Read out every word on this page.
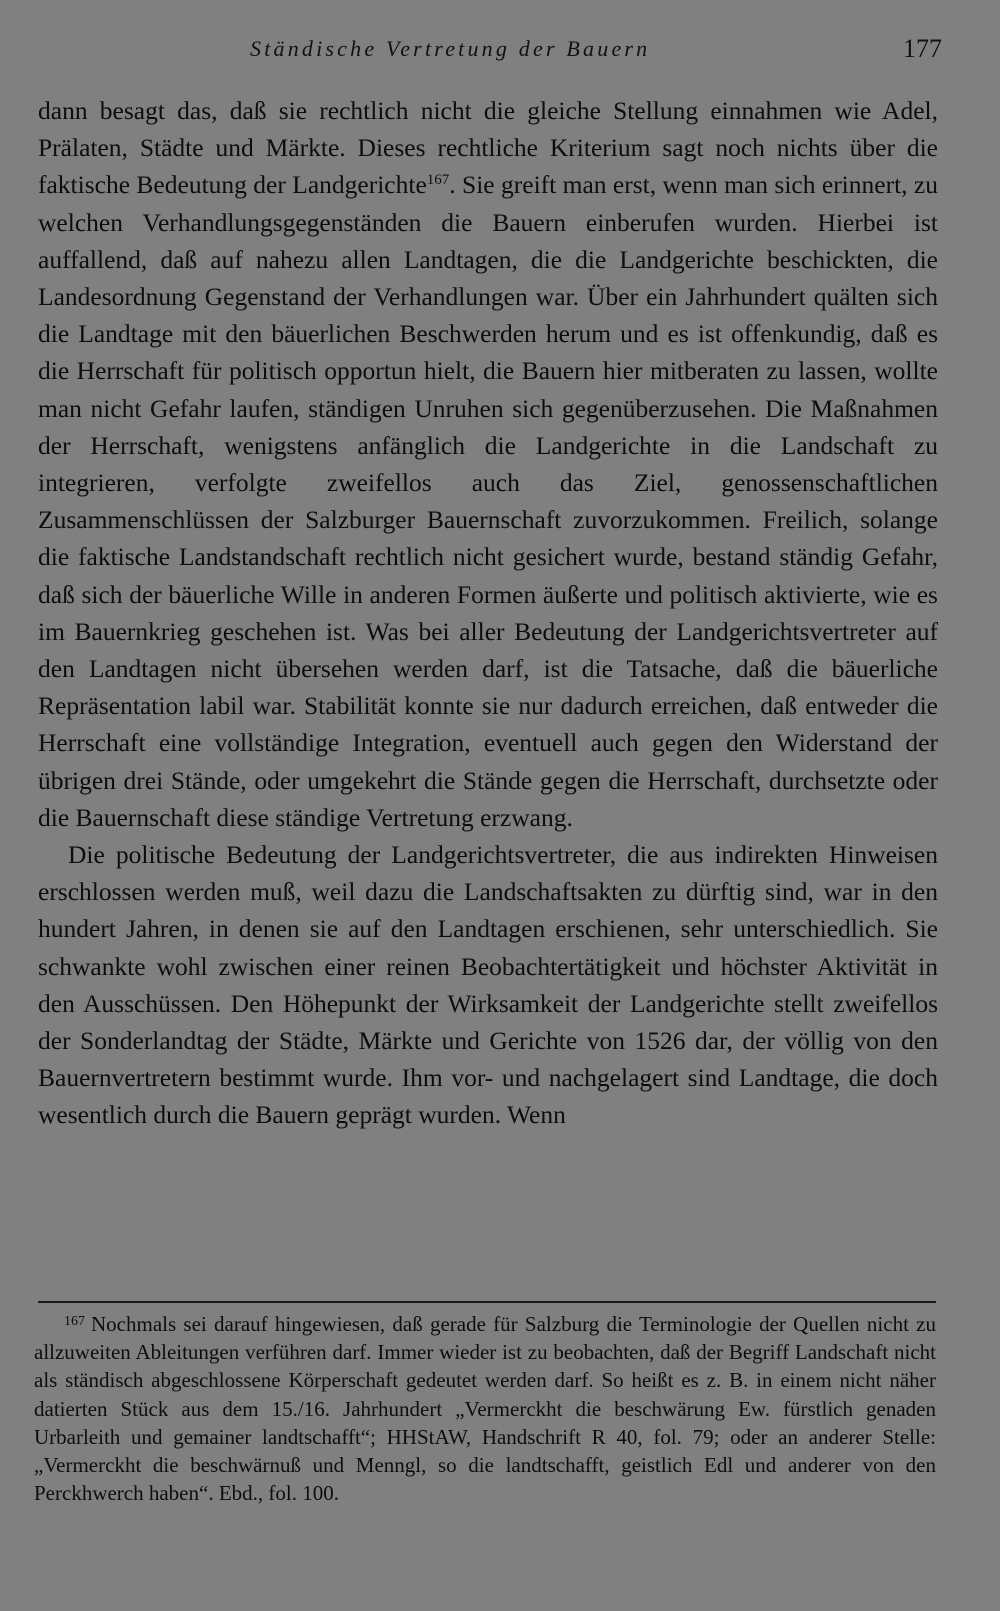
Ständische Vertretung der Bauern	177

dann besagt das, daß sie rechtlich nicht die gleiche Stellung einnahmen wie Adel, Prälaten, Städte und Märkte. Dieses rechtliche Kriterium sagt noch nichts über die faktische Bedeutung der Landgerichte$^{167}$. Sie greift man erst, wenn man sich erinnert, zu welchen Verhandlungsgegenständen die Bauern einberufen wurden. Hierbei ist auffallend, daß auf nahezu allen Landtagen, die die Landgerichte beschickten, die Landesordnung Gegenstand der Verhandlungen war. Über ein Jahrhundert quälten sich die Landtage mit den bäuerlichen Beschwerden herum und es ist offenkundig, daß es die Herrschaft für politisch opportun hielt, die Bauern hier mitberaten zu lassen, wollte man nicht Gefahr laufen, ständigen Unruhen sich gegenüberzusehen. Die Maßnahmen der Herrschaft, wenigstens anfänglich die Landgerichte in die Landschaft zu integrieren, verfolgte zweifellos auch das Ziel, genossenschaftlichen Zusammenschlüssen der Salzburger Bauernschaft zuvorzukommen. Freilich, solange die faktische Landstandschaft rechtlich nicht gesichert wurde, bestand ständig Gefahr, daß sich der bäuerliche Wille in anderen Formen äußerte und politisch aktivierte, wie es im Bauernkrieg geschehen ist. Was bei aller Bedeutung der Landgerichtsvertreter auf den Landtagen nicht übersehen werden darf, ist die Tatsache, daß die bäuerliche Repräsentation labil war. Stabilität konnte sie nur dadurch erreichen, daß entweder die Herrschaft eine vollständige Integration, eventuell auch gegen den Widerstand der übrigen drei Stände, oder umgekehrt die Stände gegen die Herrschaft, durchsetzte oder die Bauernschaft diese ständige Vertretung erzwang.

Die politische Bedeutung der Landgerichtsvertreter, die aus indirekten Hinweisen erschlossen werden muß, weil dazu die Landschaftsakten zu dürftig sind, war in den hundert Jahren, in denen sie auf den Landtagen erschienen, sehr unterschiedlich. Sie schwankte wohl zwischen einer reinen Beobachtertätigkeit und höchster Aktivität in den Ausschüssen. Den Höhepunkt der Wirksamkeit der Landgerichte stellt zweifellos der Sonderlandtag der Städte, Märkte und Gerichte von 1526 dar, der völlig von den Bauernvertretern bestimmt wurde. Ihm vor- und nachgelagert sind Landtage, die doch wesentlich durch die Bauern geprägt wurden. Wenn

$^{167}$ Nochmals sei darauf hingewiesen, daß gerade für Salzburg die Terminologie der Quellen nicht zu allzuweiten Ableitungen verführen darf. Immer wieder ist zu beobachten, daß der Begriff Landschaft nicht als ständisch abgeschlossene Körperschaft gedeutet werden darf. So heißt es z. B. in einem nicht näher datierten Stück aus dem 15./16. Jahrhundert „Vermerckht die beschwärung Ew. fürstlich genaden Urbarleith und gemainer landtschafft“; HHStAW, Handschrift R 40, fol. 79; oder an anderer Stelle: „Vermerckht die beschwärnuß und Menngl, so die landtschafft, geistlich Edl und anderer von den Perckhwerch haben“. Ebd., fol. 100.
